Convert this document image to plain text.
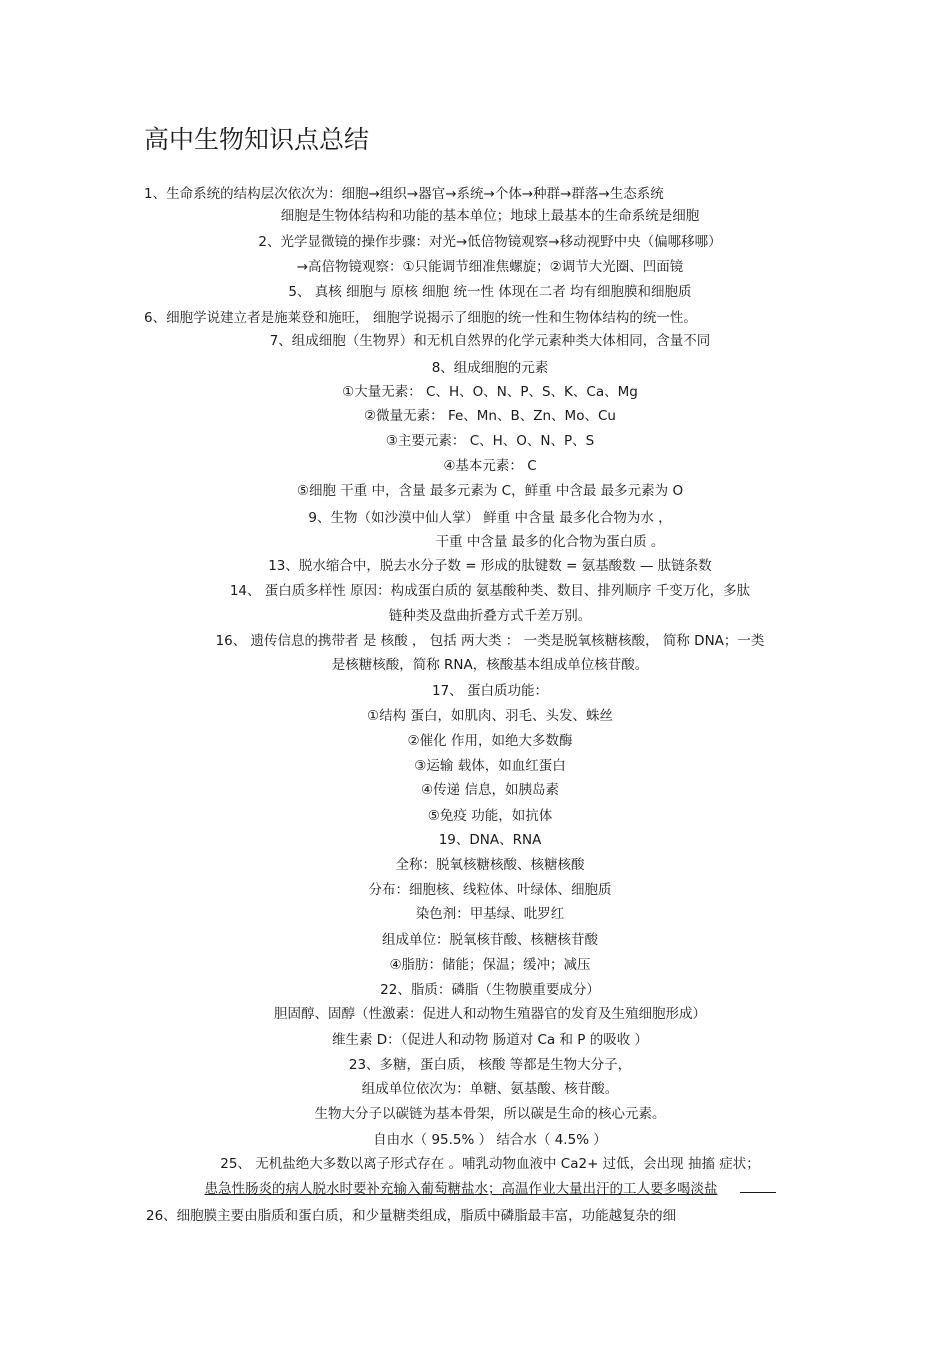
高中生物知识点总结
1、生命系统的结构层次依次为：细胞→组织→器官→系统→个体→种群→群落→生态系统
细胞是生物体结构和功能的基本单位；地球上最基本的生命系统是细胞
2、光学显微镜的操作步骤：对光→低倍物镜观察→移动视野中央（偏哪移哪）
→高倍物镜观察：①只能调节细准焦螺旋；②调节大光圈、凹面镜
5、 真核 细胞与 原核 细胞 统一性 体现在二者 均有细胞膜和细胞质
6、细胞学说建立者是施莱登和施旺， 细胞学说揭示了细胞的统一性和生物体结构的统一性。
7、组成细胞（生物界）和无机自然界的化学元素种类大体相同，含量不同
8、组成细胞的元素
①大量无素： C、H、O、N、P、S、K、Ca、Mg
②微量无素： Fe、Mn、B、Zn、Mo、Cu
③主要元素： C、H、O、N、P、S
④基本元素： C
⑤细胞 干重 中，含量 最多元素为 C，鲜重 中含最 最多元素为 O
9、生物（如沙漠中仙人掌） 鲜重 中含量 最多化合物为水 ，
干重 中含量 最多的化合物为蛋白质 。
13、脱水缩合中，脱去水分子数 = 形成的肽键数 = 氨基酸数 — 肽链条数
14、 蛋白质多样性 原因：构成蛋白质的 氨基酸种类、数目、排列顺序 千变万化，多肽
链种类及盘曲折叠方式千差万别。
16、 遗传信息的携带者 是 核酸 ， 包括 两大类 ： 一类是脱氧核糖核酸， 简称 DNA；一类
是核糖核酸，简称 RNA，核酸基本组成单位核苷酸。
17、 蛋白质功能：
①结构 蛋白，如肌肉、羽毛、头发、蛛丝
②催化 作用，如绝大多数酶
③运输 载体，如血红蛋白
④传递 信息，如胰岛素
⑤免疫 功能，如抗体
19、DNA、RNA
全称：脱氧核糖核酸、核糖核酸
分布：细胞核、线粒体、叶绿体、细胞质
染色剂：甲基绿、吡罗红
组成单位：脱氧核苷酸、核糖核苷酸
④脂肪：储能；保温；缓冲；减压
22、脂质：磷脂（生物膜重要成分）
胆固醇、固醇（性激素：促进人和动物生殖器官的发育及生殖细胞形成）
维生素 D：（促进人和动物 肠道对 Ca 和 P 的吸收 ）
23、多糖，蛋白质， 核酸 等都是生物大分子，
组成单位依次为：单糖、氨基酸、核苷酸。
生物大分子以碳链为基本骨架，所以碳是生命的核心元素。
自由水（ 95.5% ） 结合水（ 4.5% ）
25、 无机盐绝大多数以离子形式存在 。哺乳动物血液中 Ca2+ 过低，会出现 抽搐 症状；
患急性肠炎的病人脱水时要补充输入葡萄糖盐水；高温作业大量出汗的工人要多喝淡盐
26、细胞膜主要由脂质和蛋白质，和少量糖类组成，脂质中磷脂最丰富，功能越复杂的细
